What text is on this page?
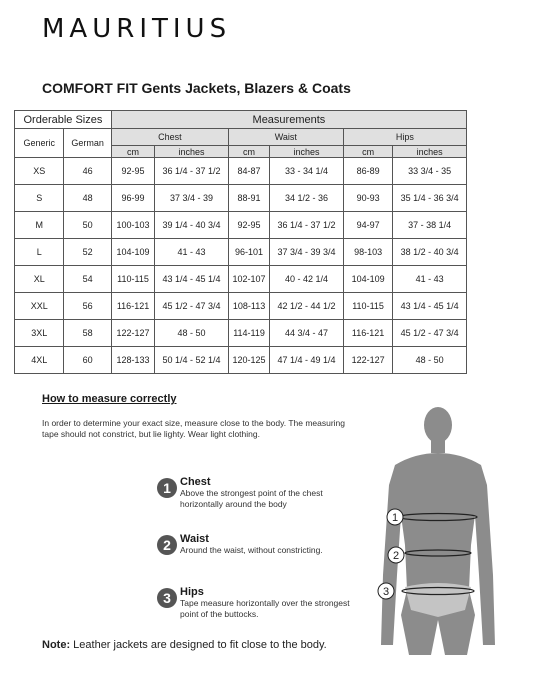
MAURITIUS
COMFORT FIT Gents Jackets, Blazers & Coats
Orderable Sizes		Measurements					
Generic	German	Chest		Waist		Hips	
		cm	inches	cm	inches	cm	inches
XS	46	92-95	36 1/4 - 37 1/2	84-87	33 - 34 1/4	86-89	33 3/4 - 35
S	48	96-99	37 3/4 - 39	88-91	34 1/2 - 36	90-93	35 1/4 - 36 3/4
M	50	100-103	39 1/4 - 40 3/4	92-95	36 1/4 - 37 1/2	94-97	37 - 38 1/4
L	52	104-109	41 - 43	96-101	37 3/4 - 39 3/4	98-103	38 1/2 - 40 3/4
XL	54	110-115	43 1/4 - 45 1/4	102-107	40 - 42 1/4	104-109	41 - 43
XXL	56	116-121	45 1/2 - 47 3/4	108-113	42 1/2 - 44 1/2	110-115	43 1/4 - 45 1/4
3XL	58	122-127	48 - 50	114-119	44 3/4 - 47	116-121	45 1/2 - 47 3/4
4XL	60	128-133	50 1/4 - 52 1/4	120-125	47 1/4 - 49 1/4	122-127	48 - 50
How to measure correctly
In order to determine your exact size, measure close to the body. The measuring tape should not constrict, but lie lighty. Wear light clothing.
1 Chest
Above the strongest point of the chest horizontally around the body
2 Waist
Around the waist, without constricting.
3 Hips
Tape measure horizontally over the strongest point of the buttocks.
1
2
3
Note: Leather jackets are designed to fit close to the body.
